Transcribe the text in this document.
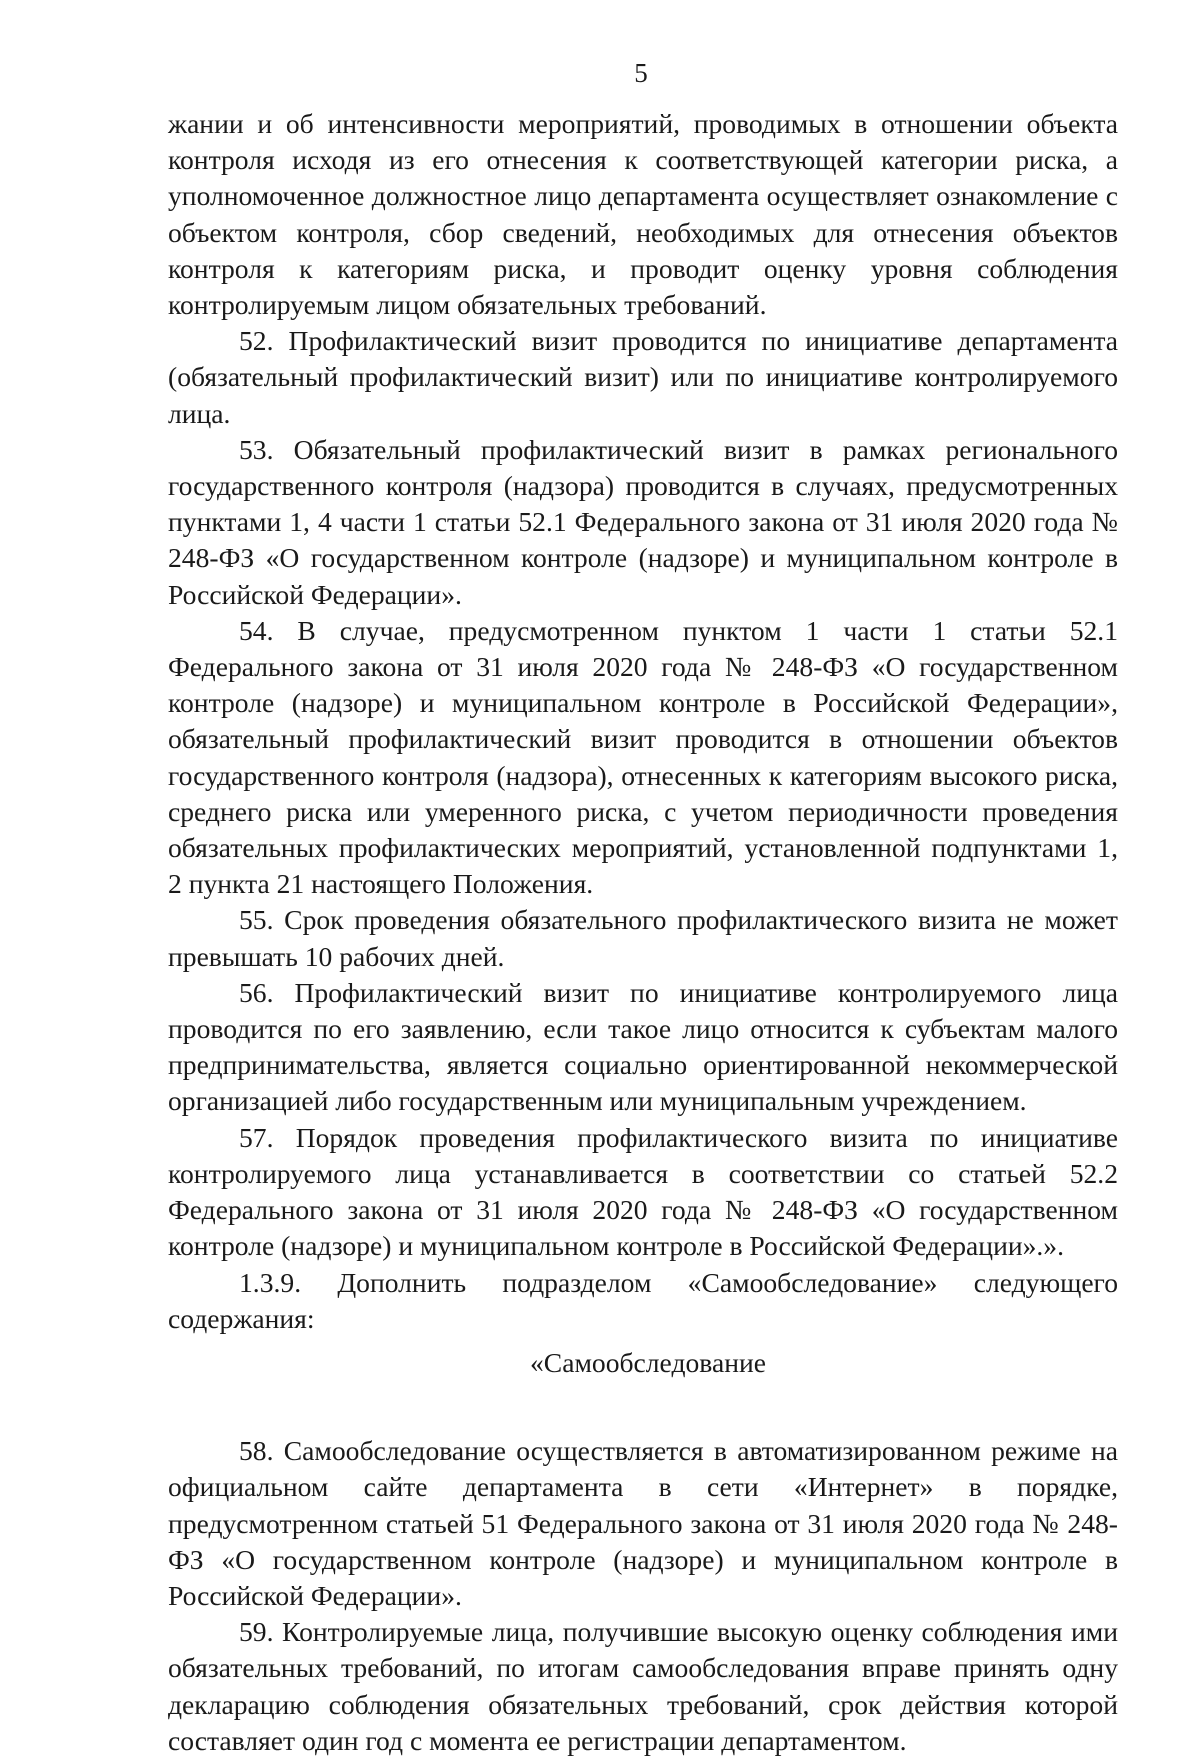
5

жании и об интенсивности мероприятий, проводимых в отношении объекта контроля исходя из его отнесения к соответствующей категории риска, а уполномоченное должностное лицо департамента осуществляет ознакомление с объектом контроля, сбор сведений, необходимых для отнесения объектов контроля к категориям риска, и проводит оценку уровня соблюдения контролируемым лицом обязательных требований.

52. Профилактический визит проводится по инициативе департамента (обязательный профилактический визит) или по инициативе контролируемого лица.

53. Обязательный профилактический визит в рамках регионального государственного контроля (надзора) проводится в случаях, предусмотренных пунктами 1, 4 части 1 статьи 52.1 Федерального закона от 31 июля 2020 года № 248-ФЗ «О государственном контроле (надзоре) и муниципальном контроле в Российской Федерации».

54. В случае, предусмотренном пунктом 1 части 1 статьи 52.1 Федерального закона от 31 июля 2020 года № 248-ФЗ «О государственном контроле (надзоре) и муниципальном контроле в Российской Федерации», обязательный профилактический визит проводится в отношении объектов государственного контроля (надзора), отнесенных к категориям высокого риска, среднего риска или умеренного риска, с учетом периодичности проведения обязательных профилактических мероприятий, установленной подпунктами 1, 2 пункта 21 настоящего Положения.

55. Срок проведения обязательного профилактического визита не может превышать 10 рабочих дней.

56. Профилактический визит по инициативе контролируемого лица проводится по его заявлению, если такое лицо относится к субъектам малого предпринимательства, является социально ориентированной некоммерческой организацией либо государственным или муниципальным учреждением.

57. Порядок проведения профилактического визита по инициативе контролируемого лица устанавливается в соответствии со статьей 52.2 Федерального закона от 31 июля 2020 года № 248-ФЗ «О государственном контроле (надзоре) и муниципальном контроле в Российской Федерации».».

1.3.9. Дополнить подразделом «Самообследование» следующего содержания:

«Самообследование

58. Самообследование осуществляется в автоматизированном режиме на официальном сайте департамента в сети «Интернет» в порядке, предусмотренном статьей 51 Федерального закона от 31 июля 2020 года № 248-ФЗ «О государственном контроле (надзоре) и муниципальном контроле в Российской Федерации».

59. Контролируемые лица, получившие высокую оценку соблюдения ими обязательных требований, по итогам самообследования вправе принять одну декларацию соблюдения обязательных требований, срок действия которой составляет один год с момента ее регистрации департаментом.
